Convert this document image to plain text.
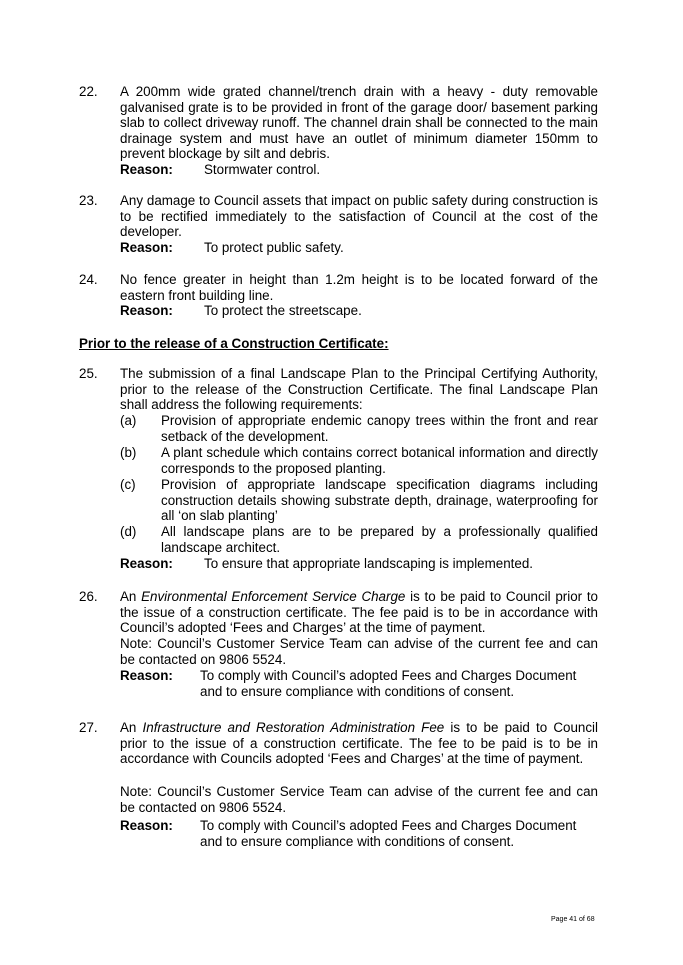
22. A 200mm wide grated channel/trench drain with a heavy - duty removable galvanised grate is to be provided in front of the garage door/ basement parking slab to collect driveway runoff. The channel drain shall be connected to the main drainage system and must have an outlet of minimum diameter 150mm to prevent blockage by silt and debris.
Reason: Stormwater control.
23. Any damage to Council assets that impact on public safety during construction is to be rectified immediately to the satisfaction of Council at the cost of the developer.
Reason: To protect public safety.
24. No fence greater in height than 1.2m height is to be located forward of the eastern front building line.
Reason: To protect the streetscape.
Prior to the release of a Construction Certificate:
25. The submission of a final Landscape Plan to the Principal Certifying Authority, prior to the release of the Construction Certificate. The final Landscape Plan shall address the following requirements:
(a) Provision of appropriate endemic canopy trees within the front and rear setback of the development.
(b) A plant schedule which contains correct botanical information and directly corresponds to the proposed planting.
(c) Provision of appropriate landscape specification diagrams including construction details showing substrate depth, drainage, waterproofing for all ‘on slab planting’
(d) All landscape plans are to be prepared by a professionally qualified landscape architect.
Reason: To ensure that appropriate landscaping is implemented.
26. An Environmental Enforcement Service Charge is to be paid to Council prior to the issue of a construction certificate. The fee paid is to be in accordance with Council’s adopted ‘Fees and Charges’ at the time of payment.
Note: Council’s Customer Service Team can advise of the current fee and can be contacted on 9806 5524.
Reason: To comply with Council’s adopted Fees and Charges Document and to ensure compliance with conditions of consent.
27. An Infrastructure and Restoration Administration Fee is to be paid to Council prior to the issue of a construction certificate. The fee to be paid is to be in accordance with Councils adopted ‘Fees and Charges’ at the time of payment.
Note: Council’s Customer Service Team can advise of the current fee and can be contacted on 9806 5524.
Reason: To comply with Council’s adopted Fees and Charges Document and to ensure compliance with conditions of consent.
Page 41 of 68
